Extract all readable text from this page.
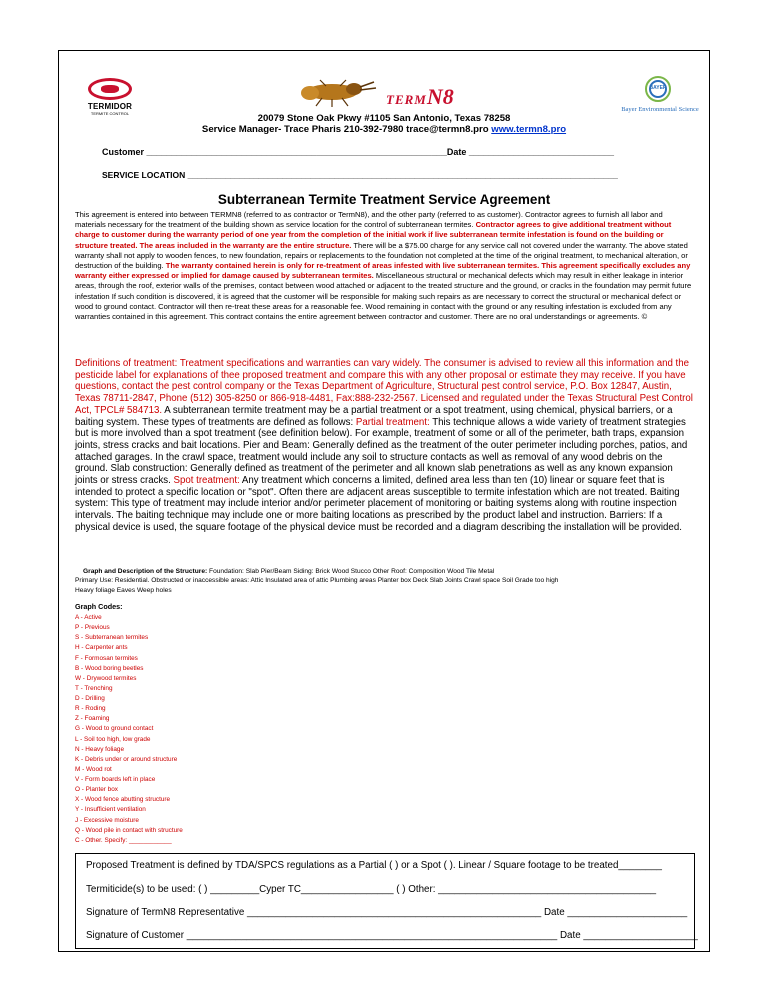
TERMIDOR
TERMITE CONTROL
TERMN8	BAYER
Bayer Environmental Science
20079 Stone Oak Pkwy #1105 San Antonio, Texas 78258
Service Manager- Trace Pharis 210-392-7980 trace@termn8.pro www.termn8.pro
Customer ____________________________________________________________Date _____________________________
SERVICE LOCATION ___________________________________________________________________________________________
Subterranean Termite Treatment Service Agreement
This agreement is entered into between TERMN8 (referred to as contractor or TermN8), and the other party (referred to as customer). Contractor agrees to furnish all labor and materials necessary for the treatment of the building shown as service location for the control of subterranean termites. Contractor agrees to give additional treatment without charge to customer during the warranty period of one year from the completion of the initial work if live subterranean termite infestation is found on the building or structure treated. The areas included in the warranty are the entire structure. There will be a $75.00 charge for any service call not covered under the warranty. The above stated warranty shall not apply to wooden fences, to new foundation, repairs or replacements to the foundation not completed at the time of the original treatment, to mechanical alteration, or destruction of the building. The warranty contained herein is only for re-treatment of areas infested with live subterranean termites. This agreement specifically excludes any warranty either expressed or implied for damage caused by subterranean termites. Miscellaneous structural or mechanical defects which may result in either leakage in interior areas, through the roof, exterior walls of the premises, contact between wood attached or adjacent to the treated structure and the ground, or cracks in the foundation may permit future infestation If such condition is discovered, it is agreed that the customer will be responsible for making such repairs as are necessary to correct the structural or mechanical defect or wood to ground contact. Contractor will then re-treat these areas for a reasonable fee. Wood remaining in contact with the ground or any resulting infestation is excluded from any warranties contained in this agreement. This contract contains the entire agreement between contractor and customer. There are no oral understandings or agreements. ©
Definitions of treatment: Treatment specifications and warranties can vary widely. The consumer is advised to review all this information and the pesticide label for explanations of thee proposed treatment and compare this with any other proposal or estimate they may receive. If you have questions, contact the pest control company or the Texas Department of Agriculture, Structural pest control service, P.O. Box 12847, Austin, Texas 78711-2847, Phone (512) 305-8250 or 866-918-4481, Fax:888-232-2567. Licensed and regulated under the Texas Structural Pest Control Act, TPCL# 584713. A subterranean termite treatment may be a partial treatment or a spot treatment, using chemical, physical barriers, or a baiting system. These types of treatments are defined as follows: Partial treatment: This technique allows a wide variety of treatment strategies but is more involved than a spot treatment (see definition below). For example, treatment of some or all of the perimeter, bath traps, expansion joints, stress cracks and bait locations. Pier and Beam: Generally defined as the treatment of the outer perimeter including porches, patios, and attached garages. In the crawl space, treatment would include any soil to structure contacts as well as removal of any wood debris on the ground. Slab construction: Generally defined as treatment of the perimeter and all known slab penetrations as well as any known expansion joints or stress cracks. Spot treatment: Any treatment which concerns a limited, defined area less than ten (10) linear or square feet that is intended to protect a specific location or "spot". Often there are adjacent areas susceptible to termite infestation which are not treated. Baiting system: This type of treatment may include interior and/or perimeter placement of monitoring or baiting systems along with routine inspection intervals. The baiting technique may include one or more baiting locations as prescribed by the product label and instruction. Barriers: If a physical device is used, the square footage of the physical device must be recorded and a diagram describing the installation will be provided.
Graph and Description of the Structure: Foundation: Slab Pier/Beam Siding: Brick Wood Stucco Other Roof: Composition Wood Tile Metal
Primary Use: Residential. Obstructed or inaccessible areas: Attic Insulated area of attic Plumbing areas Planter box Deck Slab Joints Crawl space Soil Grade too high
Heavy foliage Eaves Weep holes
Graph Codes:
A - Active
P - Previous
S - Subterranean termites
H - Carpenter ants
F - Formosan termites
B - Wood boring beetles
W - Drywood termites
T - Trenching
D - Drilling
R - Roding
Z - Foaming
G - Wood to ground contact
L - Soil too high, low grade
N - Heavy foliage
K - Debris under or around structure
M - Wood rot
V - Form boards left in place
O - Planter box
X - Wood fence abutting structure
Y - Insufficient ventilation
J - Excessive moisture
Q - Wood pile in contact with structure
C - Other. Specify: ____________
Proposed Treatment is defined by TDA/SPCS regulations as a Partial ( ) or a Spot ( ). Linear / Square footage to be treated________
Termiticide(s) to be used: ( ) _________Cyper TC_________________ ( ) Other: ________________________________________
Signature of TermN8 Representative ______________________________________________________ Date ______________________
Signature of Customer ____________________________________________________________________ Date _____________________
